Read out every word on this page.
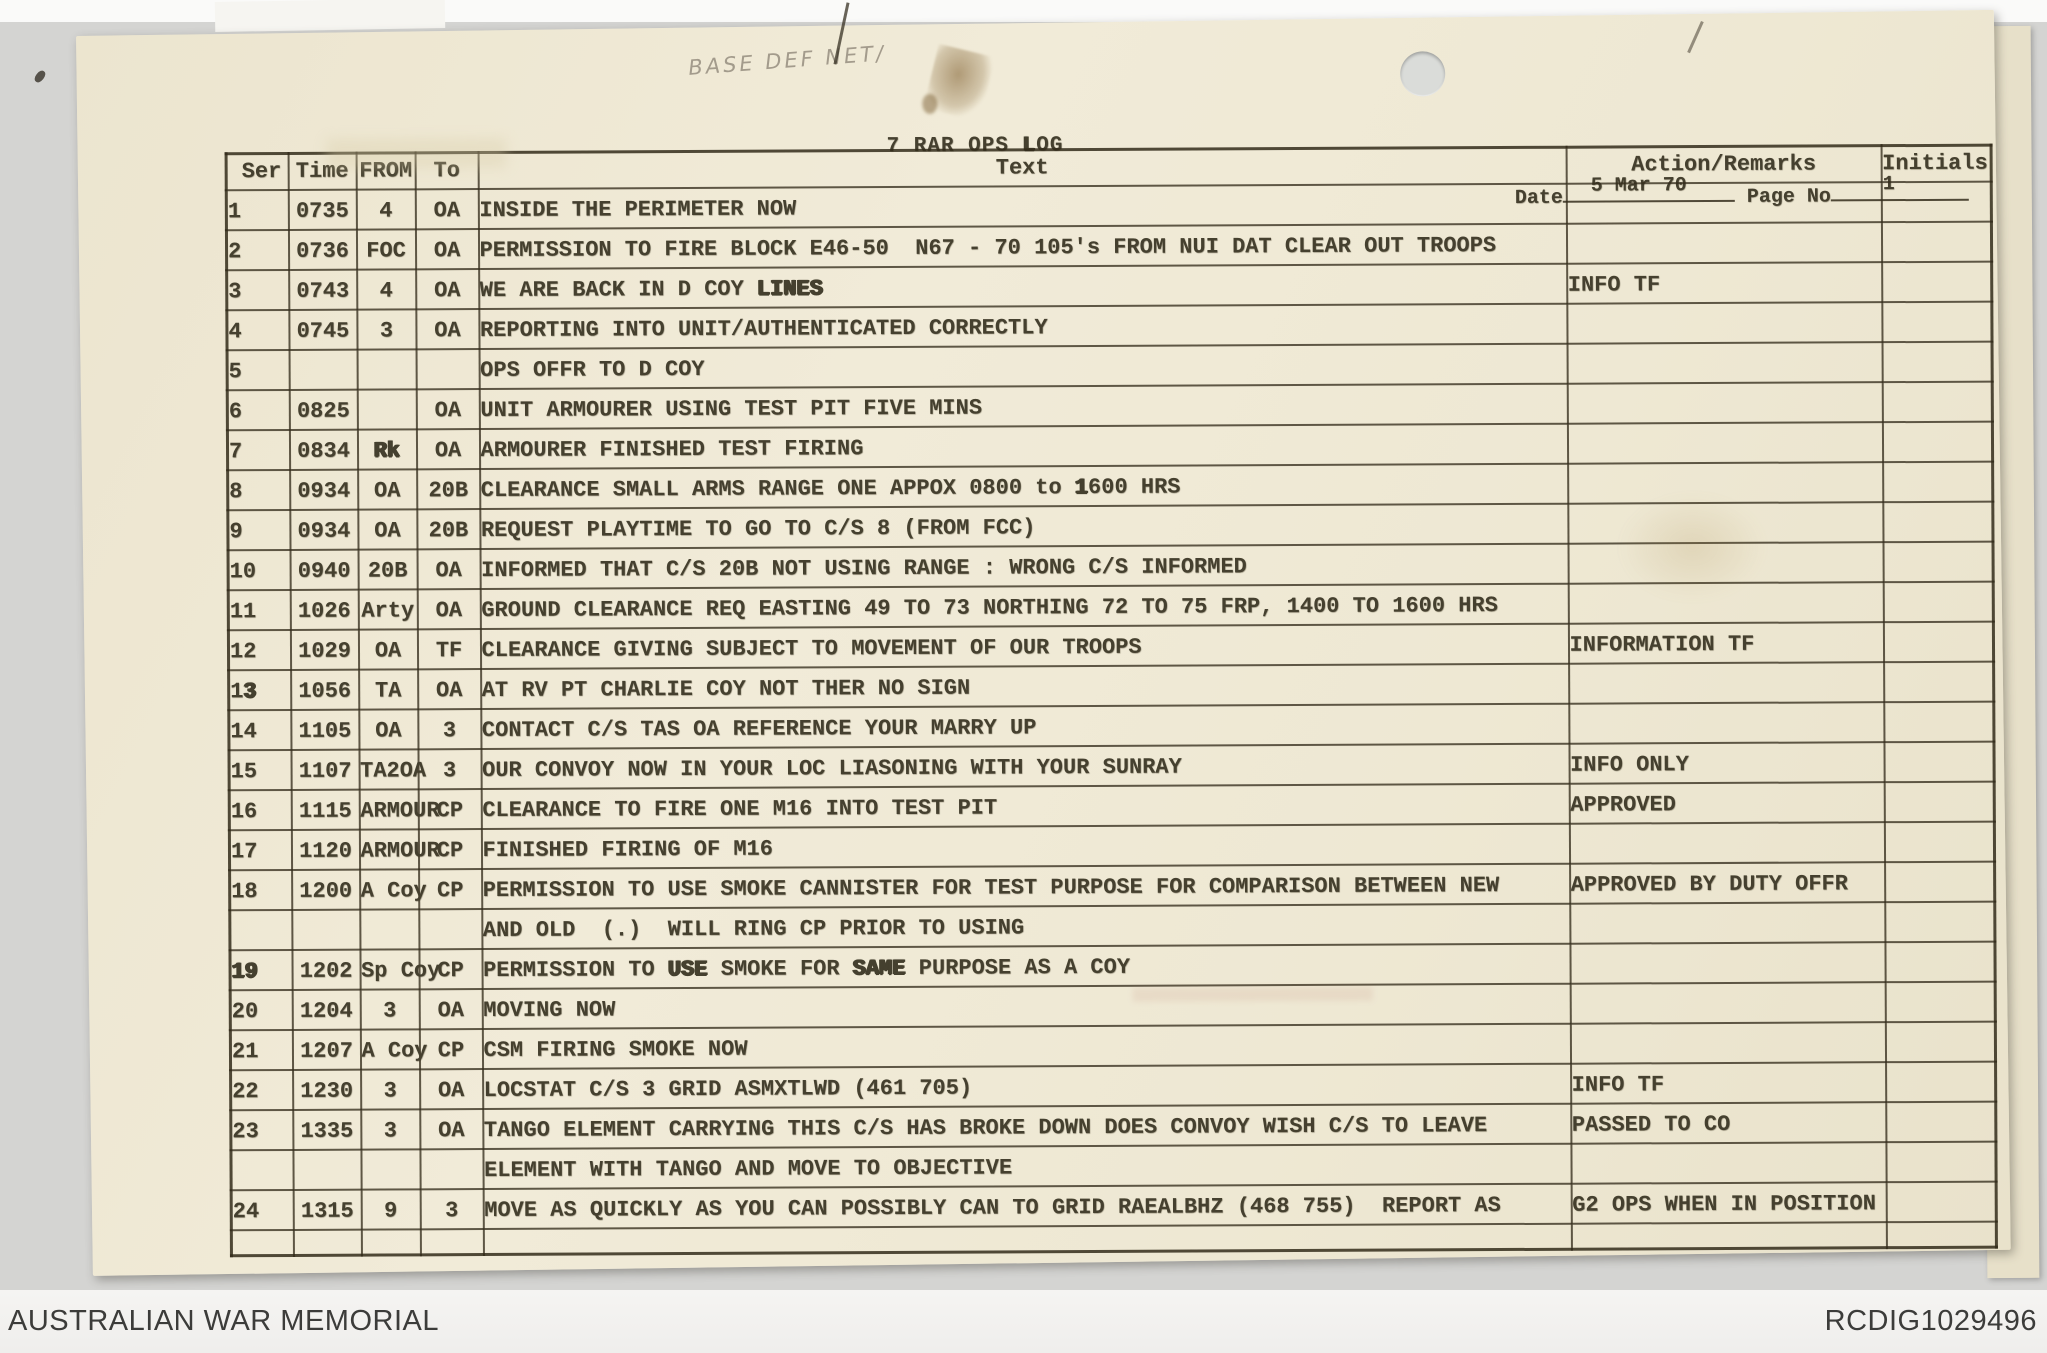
BASE DEF NET/
7 RAR OPS LOG
Date
5 Mar 70	Page No
1
Ser	Time	FROM	To	Text	Action/Remarks	Initials
1	0735	4	OA	INSIDE THE PERIMETER NOW		
2	0736	FOC	OA	PERMISSION TO FIRE BLOCK E46-50  N67 - 70 105's FROM NUI DAT CLEAR OUT TROOPS		
3	0743	4	OA	WE ARE BACK IN D COY LINES	INFO TF	
4	0745	3	OA	REPORTING INTO UNIT/AUTHENTICATED CORRECTLY		
5				OPS OFFR TO D COY		
6	0825		OA	UNIT ARMOURER USING TEST PIT FIVE MINS		
7	0834	Rk	OA	ARMOURER FINISHED TEST FIRING		
8	0934	OA	20B	CLEARANCE SMALL ARMS RANGE ONE APPOX 0800 to 1600 HRS		
9	0934	OA	20B	REQUEST PLAYTIME TO GO TO C/S 8 (FROM FCC)		
10	0940	20B	OA	INFORMED THAT C/S 20B NOT USING RANGE : WRONG C/S INFORMED		
11	1026	Arty	OA	GROUND CLEARANCE REQ EASTING 49 TO 73 NORTHING 72 TO 75 FRP, 1400 TO 1600 HRS		
12	1029	OA	TF	CLEARANCE GIVING SUBJECT TO MOVEMENT OF OUR TROOPS	INFORMATION TF	
13	1056	TA	OA	AT RV PT CHARLIE COY NOT THER NO SIGN		
14	1105	OA	3	CONTACT C/S TAS OA REFERENCE YOUR MARRY UP		
15	1107	TA2OA	3	OUR CONVOY NOW IN YOUR LOC LIASONING WITH YOUR SUNRAY	INFO ONLY	
16	1115	ARMOUR	CP	CLEARANCE TO FIRE ONE M16 INTO TEST PIT	APPROVED	
17	1120	ARMOUR	CP	FINISHED FIRING OF M16		
18	1200	A Coy	CP	PERMISSION TO USE SMOKE CANNISTER FOR TEST PURPOSE FOR COMPARISON BETWEEN NEW	APPROVED BY DUTY OFFR	
				AND OLD  (.)  WILL RING CP PRIOR TO USING		
19	1202	Sp Coy	CP	PERMISSION TO USE SMOKE FOR SAME PURPOSE AS A COY		
20	1204	3	OA	MOVING NOW		
21	1207	A Coy	CP	CSM FIRING SMOKE NOW		
22	1230	3	OA	LOCSTAT C/S 3 GRID ASMXTLWD (461 705)	INFO TF	
23	1335	3	OA	TANGO ELEMENT CARRYING THIS C/S HAS BROKE DOWN DOES CONVOY WISH C/S TO LEAVE	PASSED TO CO	
				ELEMENT WITH TANGO AND MOVE TO OBJECTIVE		
24	1315	9	3	MOVE AS QUICKLY AS YOU CAN POSSIBLY CAN TO GRID RAEALBHZ (468 755)  REPORT AS	G2 OPS WHEN IN POSITION	

AUSTRALIAN WAR MEMORIAL	RCDIG1029496
